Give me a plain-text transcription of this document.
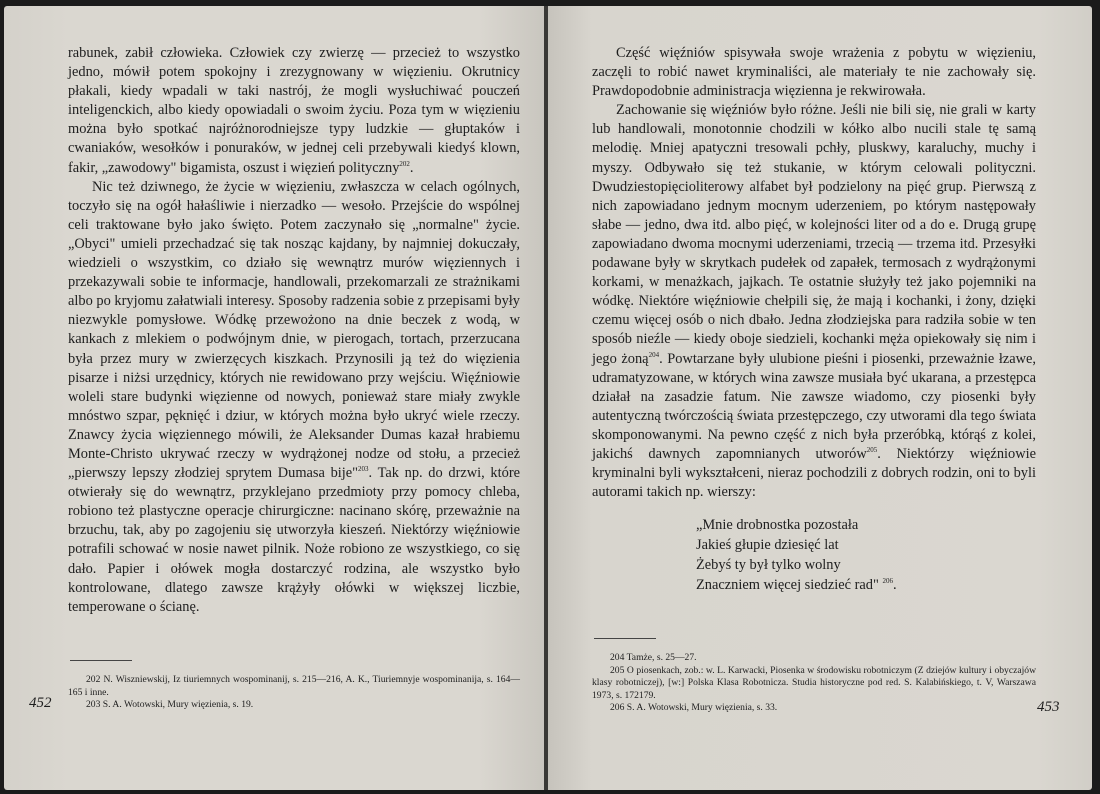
rabunek, zabił człowieka. Człowiek czy zwierzę — przecież to wszystko jedno, mówił potem spokojny i zrezygnowany w więzieniu. Okrutnicy płakali, kiedy wpadali w taki nastrój, że mogli wysłuchiwać pouczeń inteligenckich, albo kiedy opowiadali o swoim życiu. Poza tym w więzieniu można było spotkać najróżnorodniejsze typy ludzkie — głuptaków i cwaniaków, wesołków i ponuraków, w jednej celi przebywali kiedyś klown, fakir, „zawodowy" bigamista, oszust i więzień polityczny$^{202}$.

Nic też dziwnego, że życie w więzieniu, zwłaszcza w celach ogólnych, toczyło się na ogół hałaśliwie i nierzadko — wesoło. Przejście do wspólnej celi traktowane było jako święto. Potem zaczynało się „normalne" życie. „Obyci" umieli przechadzać się tak nosząc kajdany, by najmniej dokuczały, wiedzieli o wszystkim, co działo się wewnątrz murów więziennych i przekazywali sobie te informacje, handlowali, przekomarzali ze strażnikami albo po kryjomu załatwiali interesy. Sposoby radzenia sobie z przepisami były niezwykle pomysłowe. Wódkę przewożono na dnie beczek z wodą, w kankach z mlekiem o podwójnym dnie, w pierogach, tortach, przerzucana była przez mury w zwierzęcych kiszkach. Przynosili ją też do więzienia pisarze i niżsi urzędnicy, których nie rewidowano przy wejściu. Więźniowie woleli stare budynki więzienne od nowych, ponieważ stare miały zwykle mnóstwo szpar, pęknięć i dziur, w których można było ukryć wiele rzeczy. Znawcy życia więziennego mówili, że Aleksander Dumas kazał hrabiemu Monte-Christo ukrywać rzeczy w wydrążonej nodze od stołu, a przecież „pierwszy lepszy złodziej sprytem Dumasa bije"$^{203}$. Tak np. do drzwi, które otwierały się do wewnątrz, przyklejano przedmioty przy pomocy chleba, robiono też plastyczne operacje chirurgiczne: nacinano skórę, przeważnie na brzuchu, tak, aby po zagojeniu się utworzyła kieszeń. Niektórzy więźniowie potrafili schować w nosie nawet pilnik. Noże robiono ze wszystkiego, co się dało. Papier i ołówek mogła dostarczyć rodzina, ale wszystko było kontrolowane, dlatego zawsze krążyły ołówki w większej liczbie, temperowane o ścianę.

202 N. Wiszniewskij, Iz tiuriemnych wospominanij, s. 215—216, A. K., Tiuriemnyje wospominanija, s. 164—165 i inne.

203 S. A. Wotowski, Mury więzienia, s. 19.

452

Część więźniów spisywała swoje wrażenia z pobytu w więzieniu, zaczęli to robić nawet kryminaliści, ale materiały te nie zachowały się. Prawdopodobnie administracja więzienna je rekwirowała.

Zachowanie się więźniów było różne. Jeśli nie bili się, nie grali w karty lub handlowali, monotonnie chodzili w kółko albo nucili stale tę samą melodię. Mniej apatyczni tresowali pchły, pluskwy, karaluchy, muchy i myszy. Odbywało się też stukanie, w którym celowali polityczni. Dwudziestopięcioliterowy alfabet był podzielony na pięć grup. Pierwszą z nich zapowiadano jednym mocnym uderzeniem, po którym następowały słabe — jedno, dwa itd. albo pięć, w kolejności liter od a do e. Drugą grupę zapowiadano dwoma mocnymi uderzeniami, trzecią — trzema itd. Przesyłki podawane były w skrytkach pudełek od zapałek, termosach z wydrążonymi korkami, w menażkach, jajkach. Te ostatnie służyły też jako pojemniki na wódkę. Niektóre więźniowie chełpili się, że mają i kochanki, i żony, dzięki czemu więcej osób o nich dbało. Jedna złodziejska para radziła sobie w ten sposób nieźle — kiedy oboje siedzieli, kochanki męża opiekowały się nim i jego żoną$^{204}$. Powtarzane były ulubione pieśni i piosenki, przeważnie łzawe, udramatyzowane, w których wina zawsze musiała być ukarana, a przestępca działał na zasadzie fatum. Nie zawsze wiadomo, czy piosenki były autentyczną twórczością świata przestępczego, czy utworami dla tego świata skomponowanymi. Na pewno część z nich była przeróbką, którąś z kolei, jakichś dawnych zapomnianych utworów$^{205}$. Niektórzy więźniowie kryminalni byli wykształceni, nieraz pochodzili z dobrych rodzin, oni to byli autorami takich np. wierszy:

„Mnie drobnostka pozostała
Jakieś głupie dziesięć lat
Żebyś ty był tylko wolny
Znaczniem więcej siedzieć rad" $^{206}$.

204 Tamże, s. 25—27.

205 O piosenkach, zob.: w. L. Karwacki, Piosenka w środowisku robotniczym (Z dziejów kultury i obyczajów klasy robotniczej), [w:] Polska Klasa Robotnicza. Studia historyczne pod red. S. Kalabińskiego, t. V, Warszawa 1973, s. 172179.

206 S. A. Wotowski, Mury więzienia, s. 33.	453
